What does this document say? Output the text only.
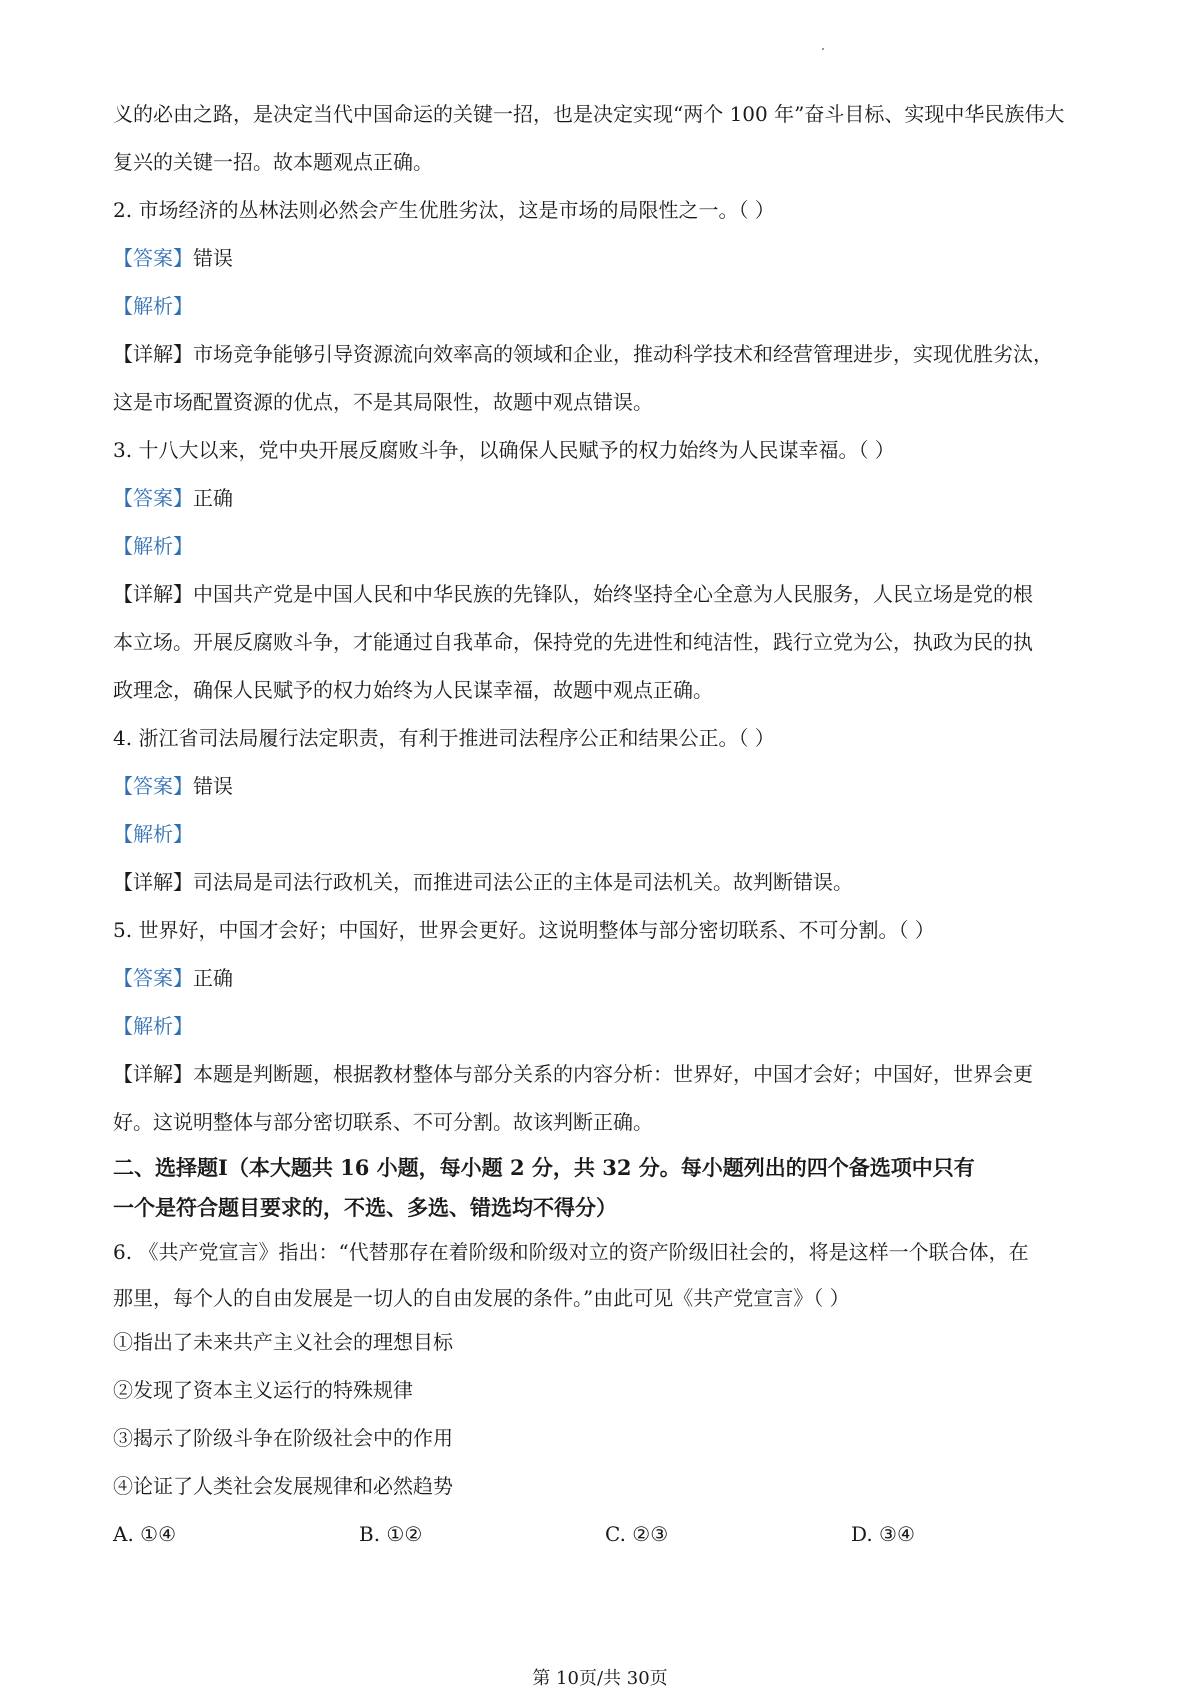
义的必由之路，是决定当代中国命运的关键一招，也是决定实现“两个 100 年”奋斗目标、实现中华民族伟大
复兴的关键一招。故本题观点正确。
2. 市场经济的丛林法则必然会产生优胜劣汰，这是市场的局限性之一。（ ）
【答案】错误
【解析】
【详解】市场竞争能够引导资源流向效率高的领域和企业，推动科学技术和经营管理进步，实现优胜劣汰，
这是市场配置资源的优点，不是其局限性，故题中观点错误。
3. 十八大以来，党中央开展反腐败斗争，以确保人民赋予的权力始终为人民谋幸福。（ ）
【答案】正确
【解析】
【详解】中国共产党是中国人民和中华民族的先锋队，始终坚持全心全意为人民服务，人民立场是党的根
本立场。开展反腐败斗争，才能通过自我革命，保持党的先进性和纯洁性，践行立党为公，执政为民的执
政理念，确保人民赋予的权力始终为人民谋幸福，故题中观点正确。
4. 浙江省司法局履行法定职责，有利于推进司法程序公正和结果公正。（ ）
【答案】错误
【解析】
【详解】司法局是司法行政机关，而推进司法公正的主体是司法机关。故判断错误。
5. 世界好，中国才会好；中国好，世界会更好。这说明整体与部分密切联系、不可分割。（ ）
【答案】正确
【解析】
【详解】本题是判断题，根据教材整体与部分关系的内容分析：世界好，中国才会好；中国好，世界会更
好。这说明整体与部分密切联系、不可分割。故该判断正确。
二、选择题Ⅰ（本大题共 16 小题，每小题 2 分，共 32 分。每小题列出的四个备选项中只有
一个是符合题目要求的，不选、多选、错选均不得分）
6. 《共产党宣言》指出：“代替那存在着阶级和阶级对立的资产阶级旧社会的，将是这样一个联合体，在
那里，每个人的自由发展是一切人的自由发展的条件。”由此可见《共产党宣言》（ ）
①指出了未来共产主义社会的理想目标
②发现了资本主义运行的特殊规律
③揭示了阶级斗争在阶级社会中的作用
④论证了人类社会发展规律和必然趋势
A. ①④	B. ①②	C. ②③	D. ③④
第 10页/共 30页
